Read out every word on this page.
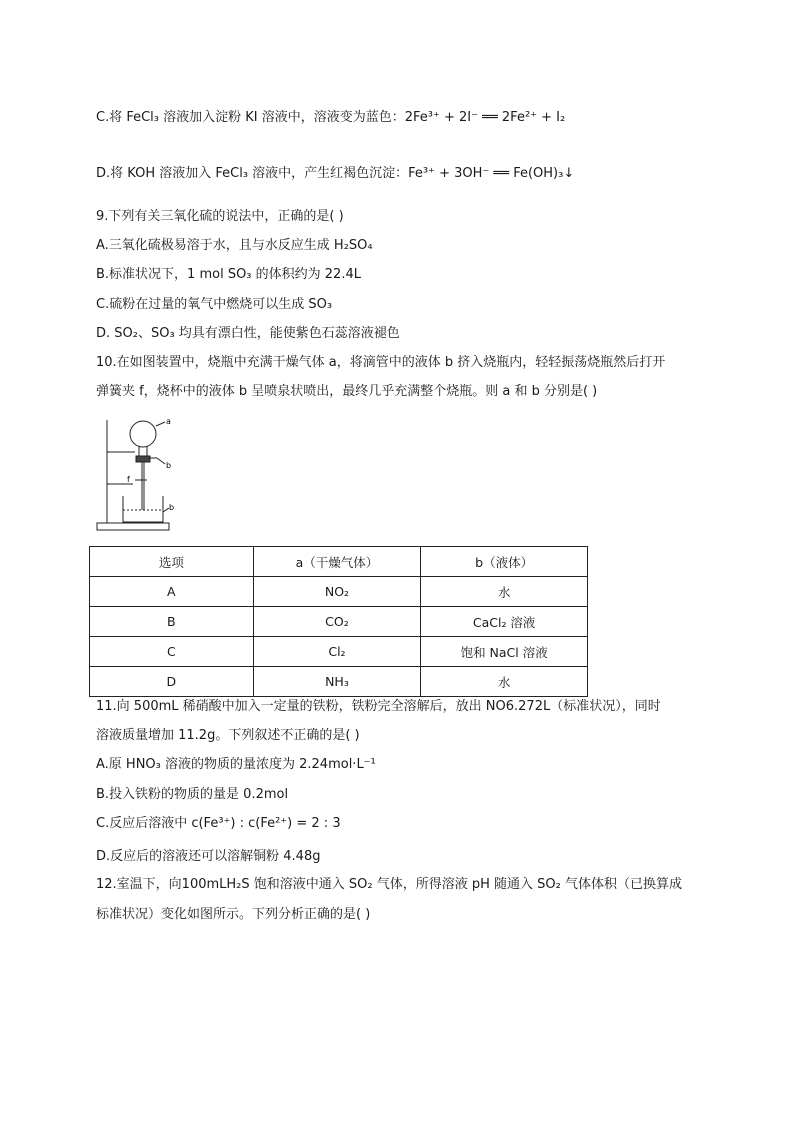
C.将 FeCl₃ 溶液加入淀粉 KI 溶液中，溶液变为蓝色：2Fe³⁺ + 2I⁻ ══ 2Fe²⁺ + I₂
D.将 KOH 溶液加入 FeCl₃ 溶液中，产生红褐色沉淀：Fe³⁺ + 3OH⁻ ══ Fe(OH)₃↓
9.下列有关三氧化硫的说法中，正确的是( )
A.三氧化硫极易溶于水，且与水反应生成 H₂SO₄
B.标准状况下，1 mol SO₃ 的体积约为 22.4L
C.硫粉在过量的氧气中燃烧可以生成 SO₃
D. SO₂、SO₃ 均具有漂白性，能使紫色石蕊溶液褪色
10.在如图装置中，烧瓶中充满干燥气体 a，将滴管中的液体 b 挤入烧瓶内，轻轻振荡烧瓶然后打开
弹簧夹 f，烧杯中的液体 b 呈喷泉状喷出，最终几乎充满整个烧瓶。则 a 和 b 分别是( )
a
b
f
b
选项	a（干燥气体）	b（液体）
A	NO₂	水
B	CO₂	CaCl₂ 溶液
C	Cl₂	饱和 NaCl 溶液
D	NH₃	水
11.向 500mL 稀硝酸中加入一定量的铁粉，铁粉完全溶解后，放出 NO6.272L（标准状况），同时
溶液质量增加 11.2g。下列叙述不正确的是( )
A.原 HNO₃ 溶液的物质的量浓度为 2.24mol·L⁻¹
B.投入铁粉的物质的量是 0.2mol
C.反应后溶液中 c(Fe³⁺) : c(Fe²⁺) = 2 : 3
D.反应后的溶液还可以溶解铜粉 4.48g
12.室温下，向100mLH₂S 饱和溶液中通入 SO₂ 气体，所得溶液 pH 随通入 SO₂ 气体体积（已换算成
标准状况）变化如图所示。下列分析正确的是( )
